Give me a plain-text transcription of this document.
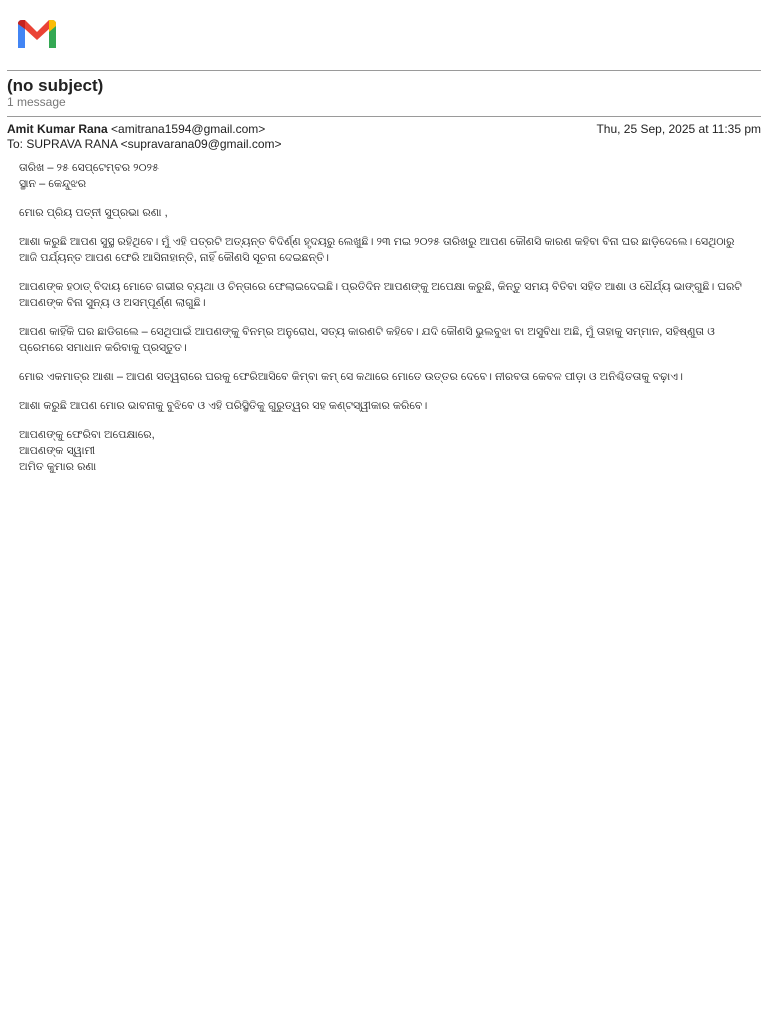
(no subject)
1 message
Amit Kumar Rana <amitrana1594@gmail.com>	Thu, 25 Sep, 2025 at 11:35 pm
To: SUPRAVA RANA <supravarana09@gmail.com>

ତାରିଖ – ୨୫ ସେପ୍ଟେମ୍ବର ୨୦୨୫
ସ୍ଥାନ – କେନ୍ଦୁଝର

ମୋର ପ୍ରିୟ ପତ୍ନୀ ସୁପ୍ରଭା ରଣା ,

ଆଶା କରୁଛି ଆପଣ ସୁସ୍ଥ ରହିଥିବେ। ମୁଁ ଏହି ପତ୍ରଟି ଅତ୍ୟନ୍ତ ବିଦିର୍ଣ୍ଣ ହୃଦୟରୁ ଲେଖୁଛି। ୨୩ ମଇ ୨୦୨୫ ତାରିଖରୁ ଆପଣ କୌଣସି କାରଣ କହିବା ବିନା ଘର ଛାଡ଼ିଦେଲେ। ସେଥିଠାରୁ ଆଜି ପର୍ଯ୍ୟନ୍ତ ଆପଣ ଫେରି ଆସିନାହାନ୍ତି, ନାହିଁ କୌଣସି ସୂଚନା ଦେଇଛନ୍ତି।

ଆପଣଙ୍କ ହଠାତ୍ ବିଦାୟ ମୋତେ ଗଭୀର ବ୍ୟଥା ଓ ଚିନ୍ତାରେ ଫେଲାଇଦେଇଛି। ପ୍ରତିଦିନ ଆପଣଙ୍କୁ ଅପେକ୍ଷା କରୁଛି, କିନ୍ତୁ ସମୟ ବିତିବା ସହିତ ଆଶା ଓ ଧୈର୍ଯ୍ୟ ଭାଙ୍ଗୁଛି। ଘରଟି ଆପଣଙ୍କ ବିନା ସୁନ୍ୟ ଓ ଅସମ୍ପୂର୍ଣ୍ଣ ଲାଗୁଛି।

ଆପଣ କାହିଁକି ଘର ଛାଡିଗଲେ – ସେଥିପାଇଁ ଆପଣଙ୍କୁ ବିନମ୍ର ଅନୁରୋଧ, ସତ୍ୟ କାରଣଟି କହିବେ। ଯଦି କୌଣସି ଭୁଲବୁଝା ବା ଅସୁବିଧା ଅଛି, ମୁଁ ତାହାକୁ ସମ୍ମାନ, ସହିଷ୍ଣୁତା ଓ ପ୍ରେମରେ ସମାଧାନ କରିବାକୁ ପ୍ରସ୍ତୁତ।

ମୋର ଏକମାତ୍ର ଆଶା – ଆପଣ ସତ୍ୱରାରେ ଘରକୁ ଫେରିଆସିବେ କିମ୍ବା କମ୍ ସେ କଥାରେ ମୋତେ ଉତ୍ତର ଦେବେ। ନୀରବତା କେବଳ ପୀଡ଼ା ଓ ଅନିଶ୍ଚିତତାକୁ ବଢ଼ାଏ।

ଆଶା କରୁଛି ଆପଣ ମୋର ଭାବନାକୁ ବୁଝିବେ ଓ ଏହି ପରିସ୍ଥିତିକୁ ଗୁରୁତ୍ୱର ସହ କଣ୍ଟସ୍ୱୀକାର କରିବେ।

ଆପଣଙ୍କୁ ଫେରିବା ଅପେକ୍ଷାରେ,
ଆପଣଙ୍କ ସ୍ୱାମୀ
ଅମିତ କୁମାର ରଣା
